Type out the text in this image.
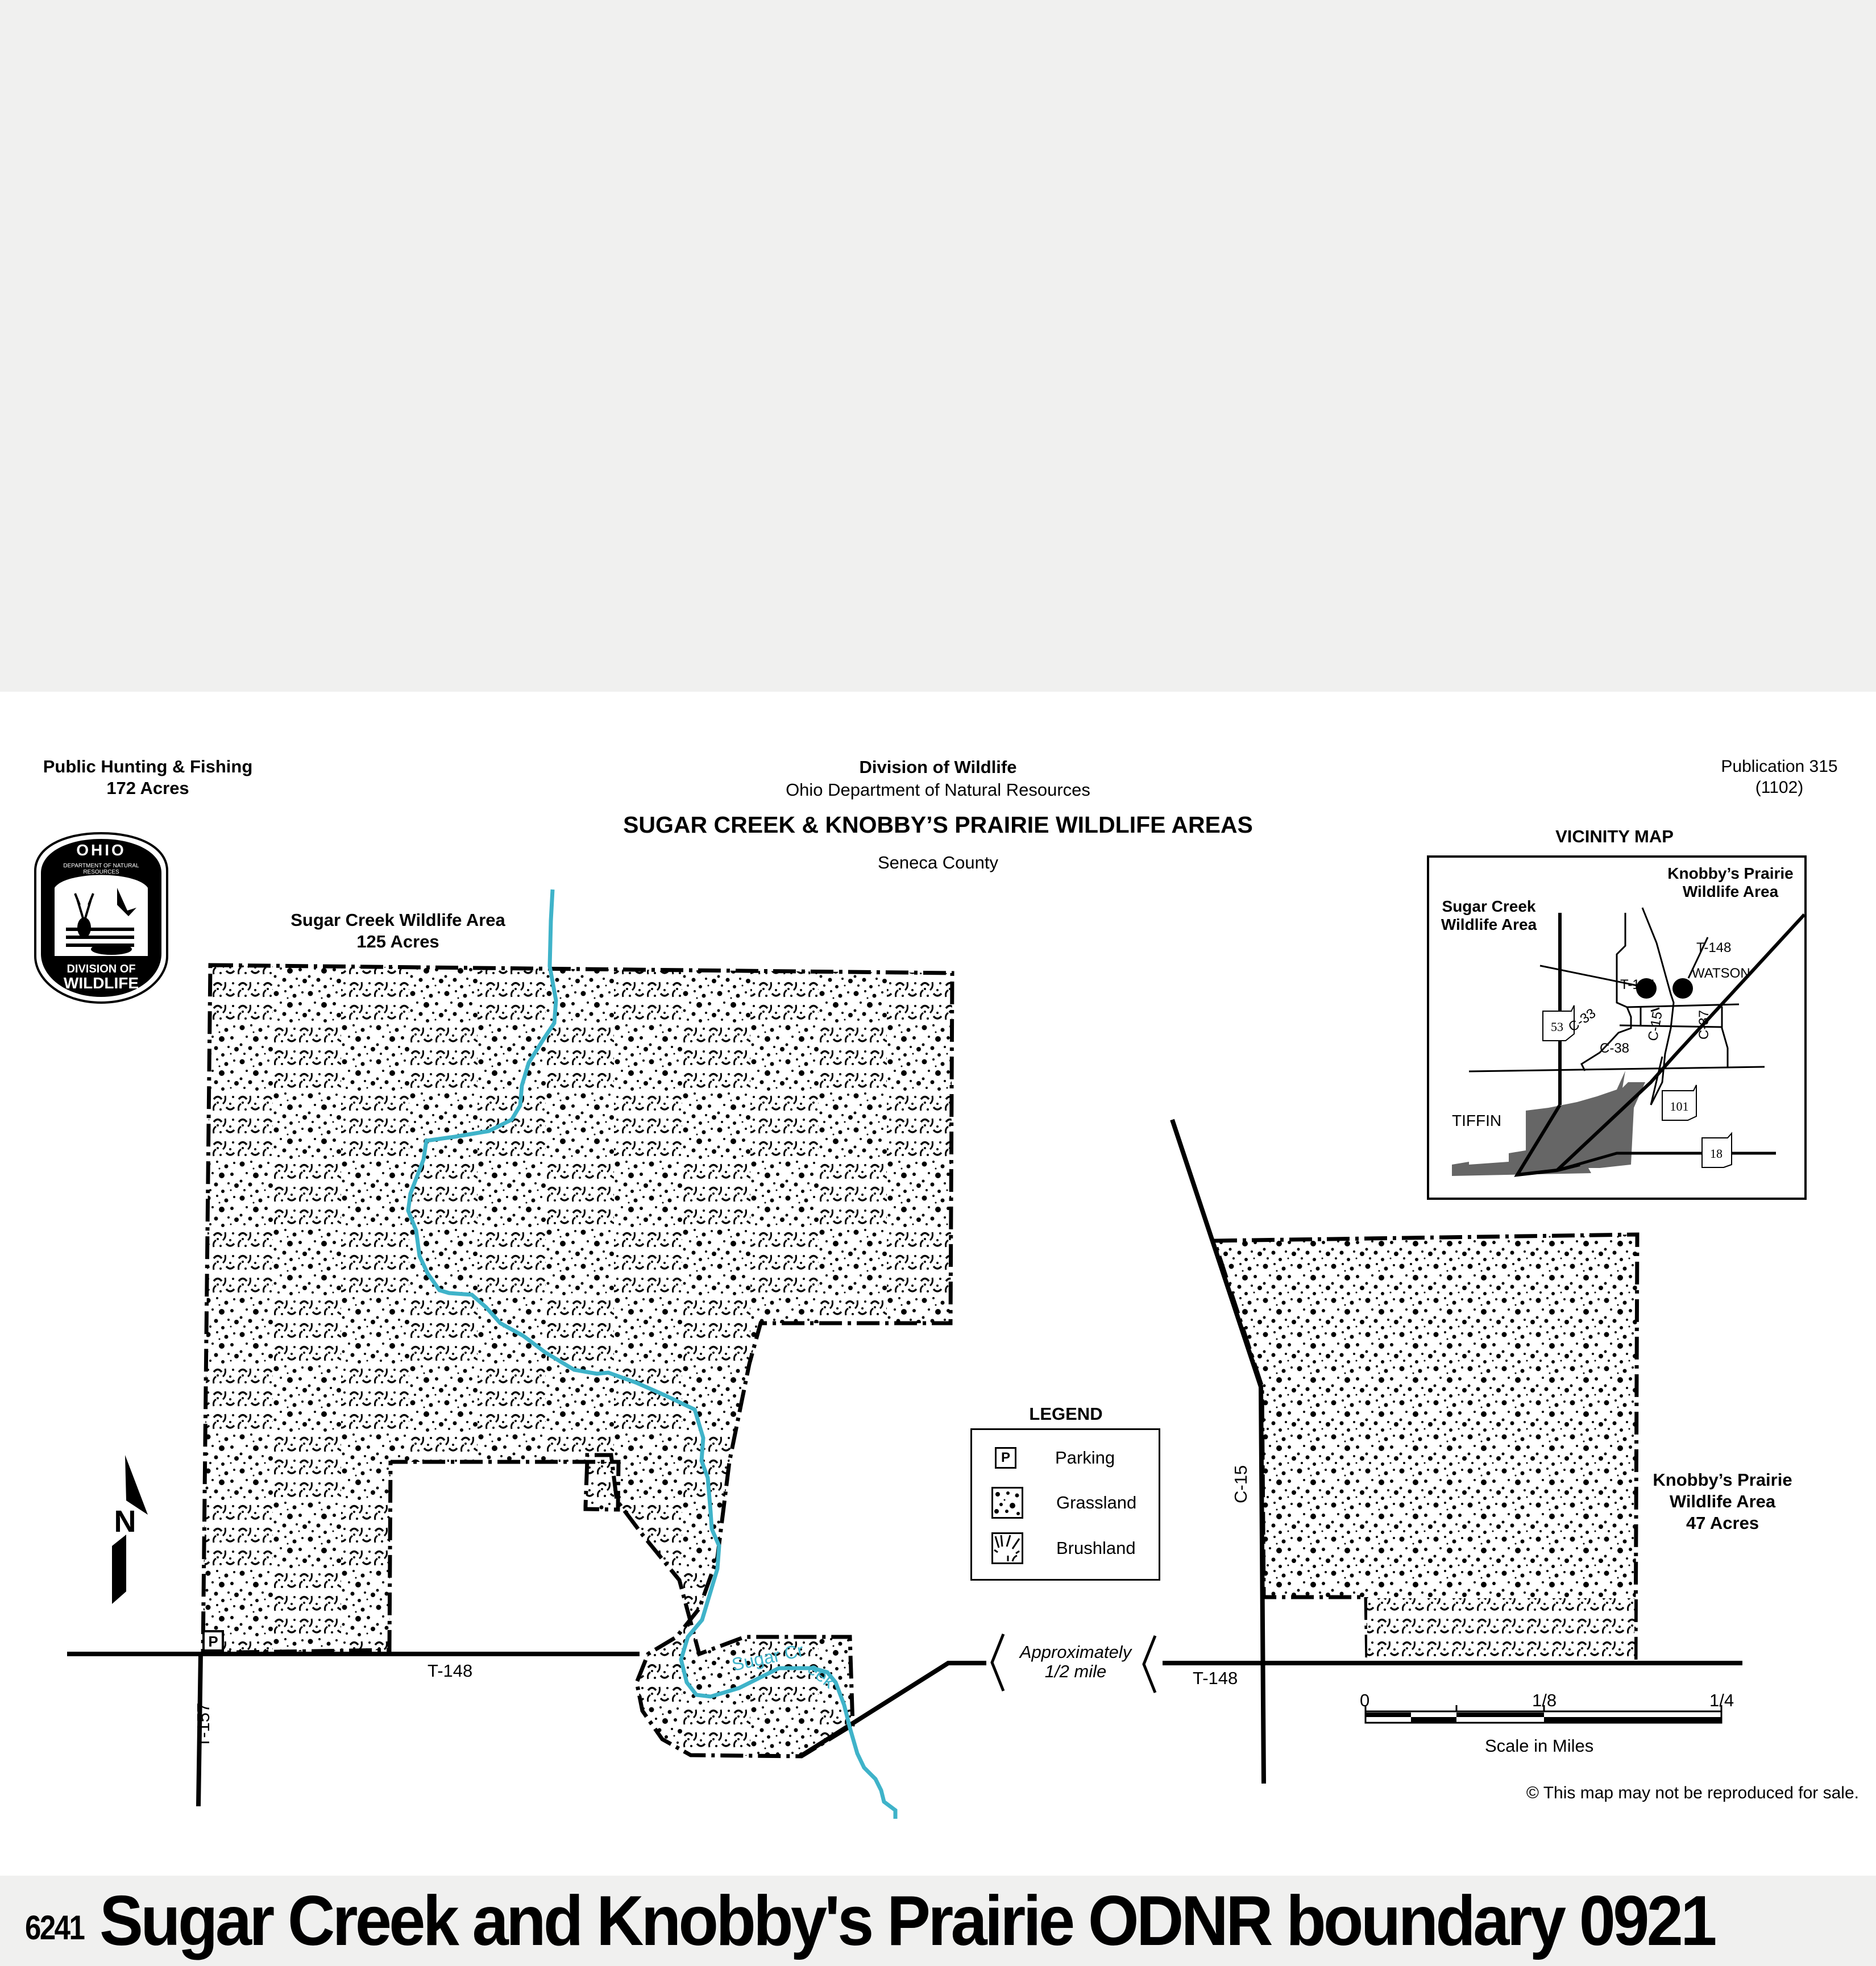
Public Hunting & Fishing
172 Acres
Division of Wildlife
Ohio Department of Natural Resources
SUGAR CREEK & KNOBBY’S PRAIRIE WILDLIFE AREAS
Seneca County
Publication 315
(1102)
Sugar Cr
eek
P
N
OHIO
DEPARTMENT OF NATURAL RESOURCES
DIVISION OF
WILDLIFE
Sugar Creek Wildlife Area
125 Acres
Knobby’s Prairie
Wildlife Area
47 Acres
T-148	T-148
T-157
C-15
Approximately
1/2 mile
LEGEND
P	Parking
Grassland
Brushland
VICINITY MAP
53
101
18
Knobby’s Prairie
Wildlife Area
Sugar Creek
Wildlife Area
T-148
WATSON
T-144
C-33	C-15 C-37
C-38
TIFFIN
0	1/8	1/4
Scale in Miles
© This map may not be reproduced for sale.
6241 Sugar Creek and Knobby's Prairie ODNR boundary 0921
